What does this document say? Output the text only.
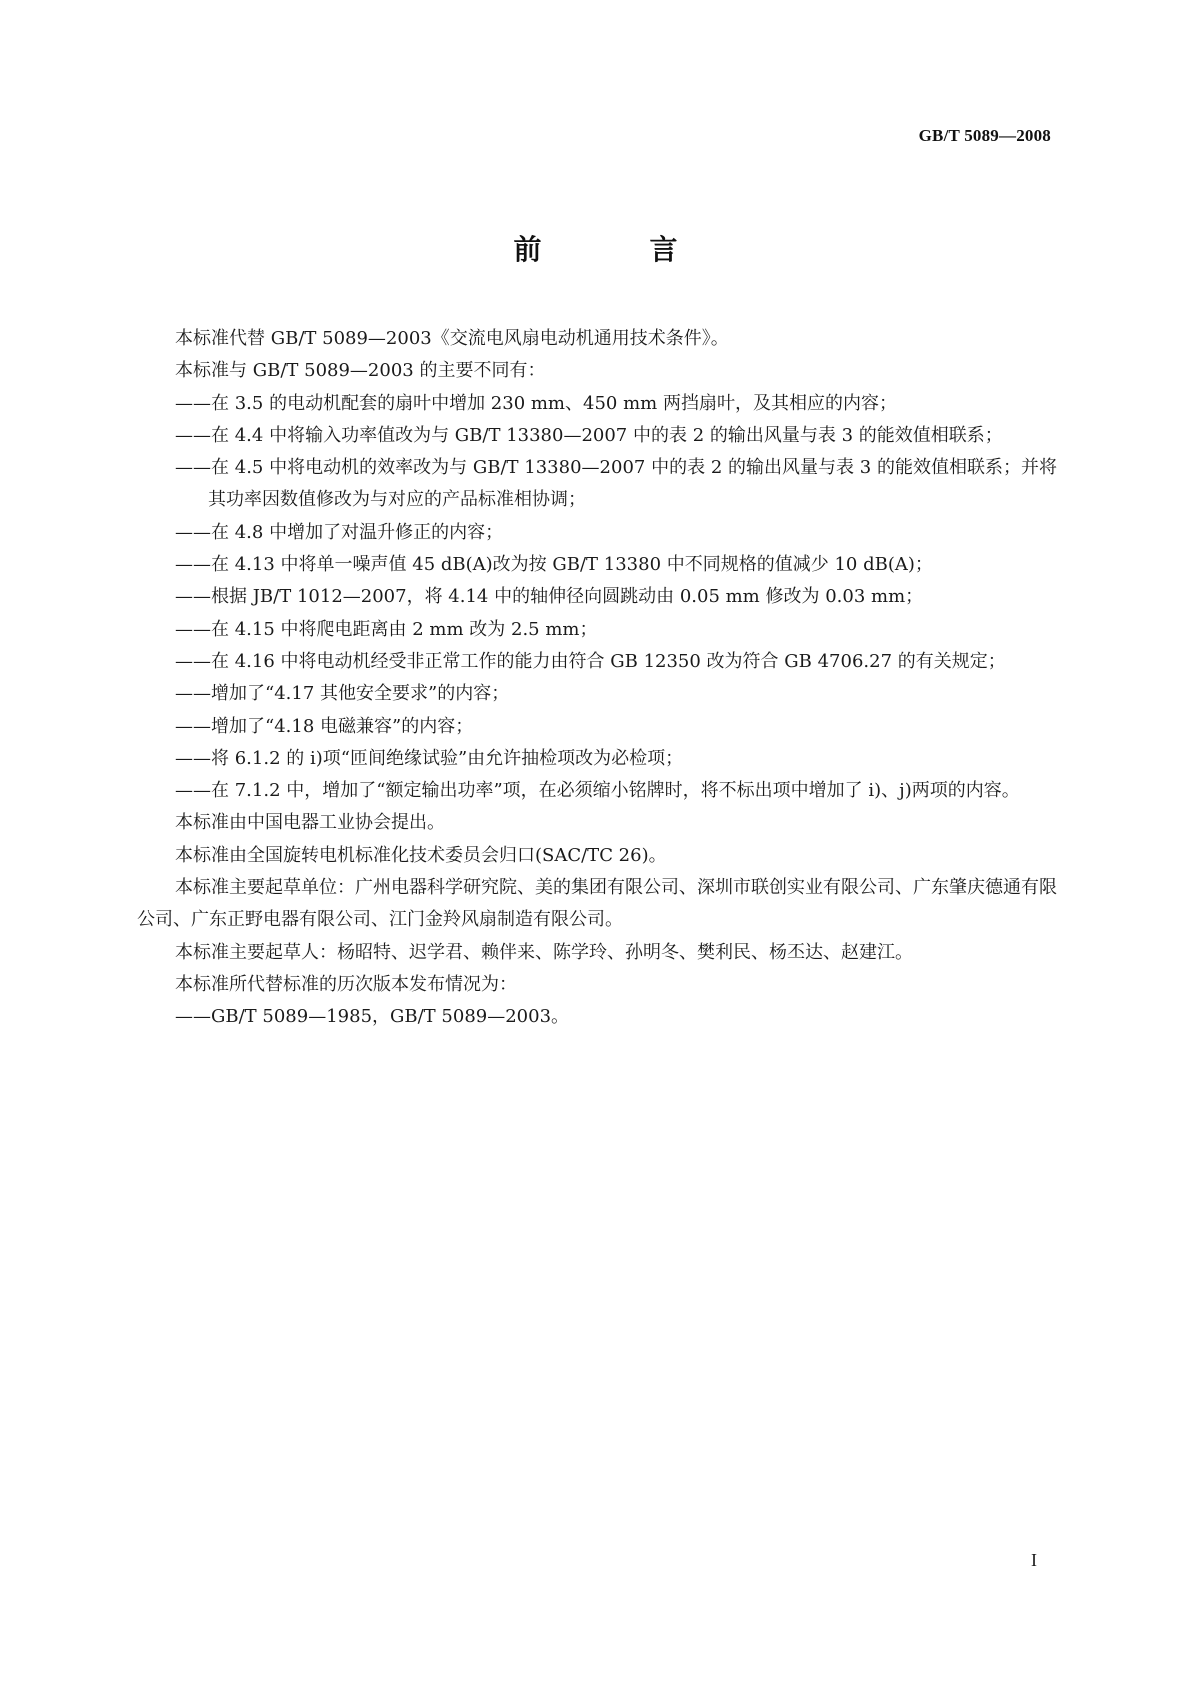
GB/T 5089—2008
前　言

本标准代替 GB/T 5089—2003《交流电风扇电动机通用技术条件》。

本标准与 GB/T 5089—2003 的主要不同有：

——在 3.5 的电动机配套的扇叶中增加 230 mm、450 mm 两挡扇叶，及其相应的内容；

——在 4.4 中将输入功率值改为与 GB/T 13380—2007 中的表 2 的输出风量与表 3 的能效值相联系；

——在 4.5 中将电动机的效率改为与 GB/T 13380—2007 中的表 2 的输出风量与表 3 的能效值相联系；并将其功率因数值修改为与对应的产品标准相协调；

——在 4.8 中增加了对温升修正的内容；

——在 4.13 中将单一噪声值 45 dB(A)改为按 GB/T 13380 中不同规格的值减少 10 dB(A)；

——根据 JB/T 1012—2007，将 4.14 中的轴伸径向圆跳动由 0.05 mm 修改为 0.03 mm；

——在 4.15 中将爬电距离由 2 mm 改为 2.5 mm；

——在 4.16 中将电动机经受非正常工作的能力由符合 GB 12350 改为符合 GB 4706.27 的有关规定；

——增加了“4.17 其他安全要求”的内容；

——增加了“4.18 电磁兼容”的内容；

——将 6.1.2 的 i)项“匝间绝缘试验”由允许抽检项改为必检项；

——在 7.1.2 中，增加了“额定输出功率”项，在必须缩小铭牌时，将不标出项中增加了 i)、j)两项的内容。

本标准由中国电器工业协会提出。

本标准由全国旋转电机标准化技术委员会归口(SAC/TC 26)。

本标准主要起草单位：广州电器科学研究院、美的集团有限公司、深圳市联创实业有限公司、广东肇庆德通有限公司、广东正野电器有限公司、江门金羚风扇制造有限公司。

本标准主要起草人：杨昭特、迟学君、赖伴来、陈学玲、孙明冬、樊利民、杨丕达、赵建江。

本标准所代替标准的历次版本发布情况为：

——GB/T 5089—1985，GB/T 5089—2003。

I
